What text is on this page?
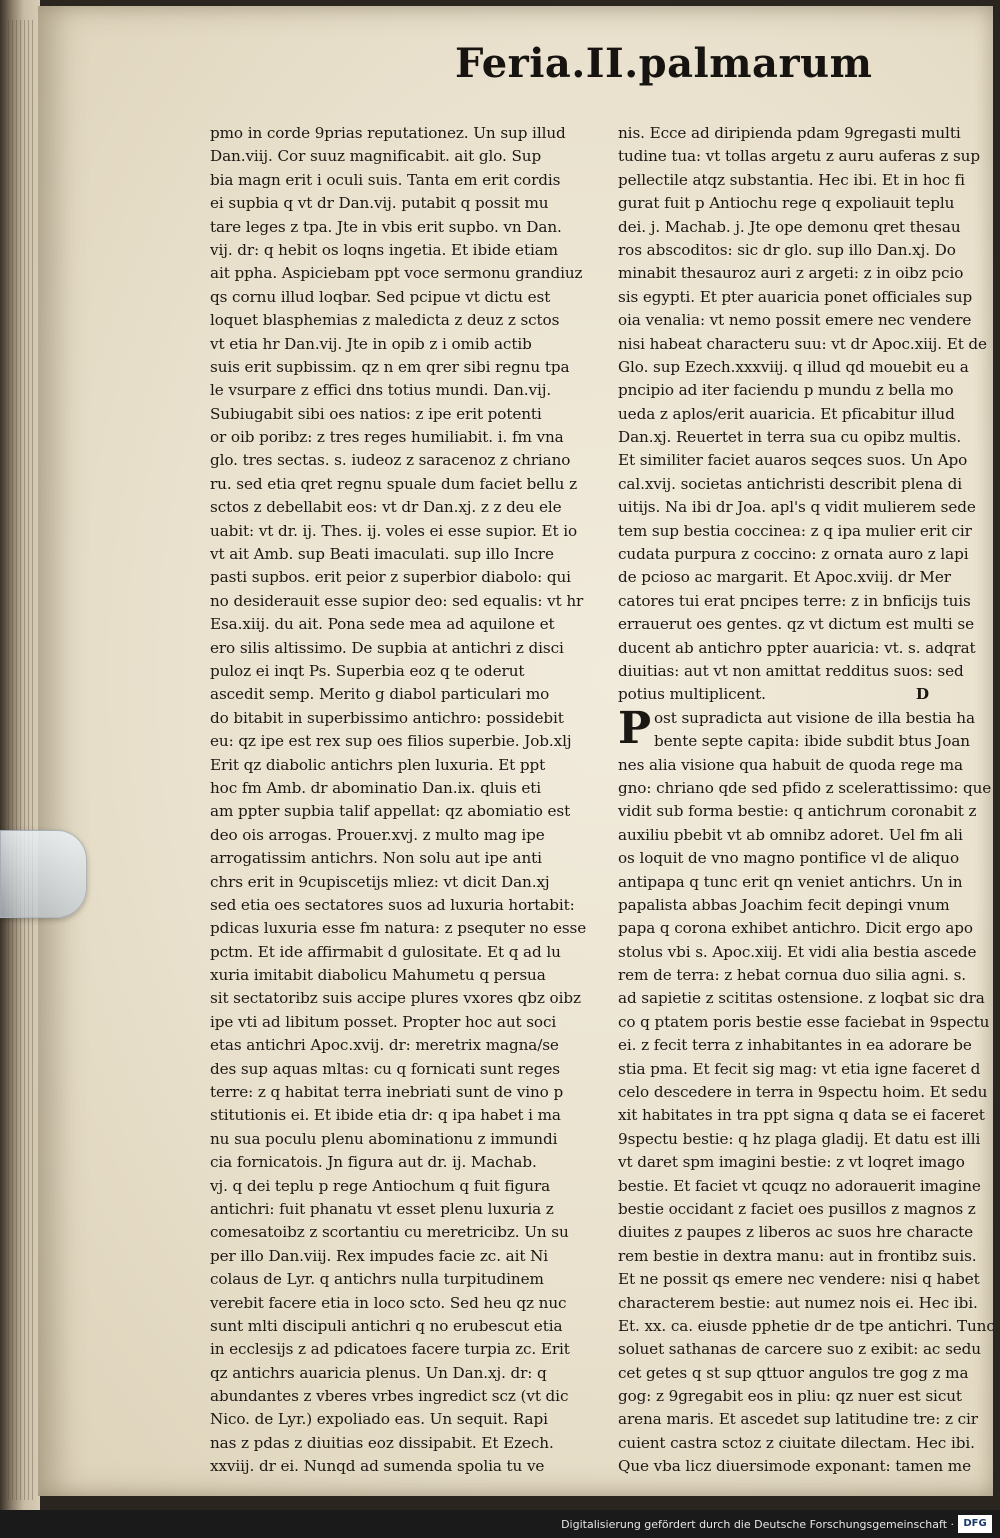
Feria.II.palmarum
pmo in corde 9prias reputationez. Un sup illud
Dan.viij. Cor suuz magnificabit. ait glo. Sup
bia magn erit i oculi suis. Tanta em erit cordis
ei supbia q vt dr Dan.vij. putabit q possit mu
tare leges z tpa. Jte in vbis erit supbo. vn Dan.
vij. dr: q hebit os loqns ingetia. Et ibide etiam
ait ppha. Aspiciebam ppt voce sermonu grandiuz
qs cornu illud loqbar. Sed pcipue vt dictu est
loquet blasphemias z maledicta z deuz z sctos
vt etia hr Dan.vij. Jte in opib z i omib actib
suis erit supbissim. qz n em qrer sibi regnu tpa
le vsurpare z effici dns totius mundi. Dan.vij.
Subiugabit sibi oes natios: z ipe erit potenti
or oib poribz: z tres reges humiliabit. i. fm vna
glo. tres sectas. s. iudeoz z saracenoz z chriano
ru. sed etia qret regnu spuale dum faciet bellu z
sctos z debellabit eos: vt dr Dan.xj. z z deu ele
uabit: vt dr. ij. Thes. ij. voles ei esse supior. Et io
vt ait Amb. sup Beati imaculati. sup illo Incre
pasti supbos. erit peior z superbior diabolo: qui
no desiderauit esse supior deo: sed equalis: vt hr
Esa.xiij. du ait. Pona sede mea ad aquilone et
ero silis altissimo. De supbia at antichri z disci
puloz ei inqt Ps. Superbia eoz q te oderut
ascedit semp. Merito g diabol particulari mo
do bitabit in superbissimo antichro: possidebit
eu: qz ipe est rex sup oes filios superbie. Job.xlj
Erit qz diabolic antichrs plen luxuria. Et ppt
hoc fm Amb. dr abominatio Dan.ix. qluis eti
am ppter supbia talif appellat: qz abomiatio est
deo ois arrogas. Prouer.xvj. z multo mag ipe
arrogatissim antichrs. Non solu aut ipe anti
chrs erit in 9cupiscetijs mliez: vt dicit Dan.xj
sed etia oes sectatores suos ad luxuria hortabit:
pdicas luxuria esse fm natura: z psequter no esse
pctm. Et ide affirmabit d gulositate. Et q ad lu
xuria imitabit diabolicu Mahumetu q persua
sit sectatoribz suis accipe plures vxores qbz oibz
ipe vti ad libitum posset. Propter hoc aut soci
etas antichri Apoc.xvij. dr: meretrix magna/se
des sup aquas mltas: cu q fornicati sunt reges
terre: z q habitat terra inebriati sunt de vino p
stitutionis ei. Et ibide etia dr: q ipa habet i ma
nu sua poculu plenu abominationu z immundi
cia fornicatois. Jn figura aut dr. ij. Machab.
vj. q dei teplu p rege Antiochum q fuit figura
antichri: fuit phanatu vt esset plenu luxuria z
comesatoibz z scortantiu cu meretricibz. Un su
per illo Dan.viij. Rex impudes facie zc. ait Ni
colaus de Lyr. q antichrs nulla turpitudinem
verebit facere etia in loco scto. Sed heu qz nuc
sunt mlti discipuli antichri q no erubescut etia
in ecclesijs z ad pdicatoes facere turpia zc. Erit
qz antichrs auaricia plenus. Un Dan.xj. dr: q
abundantes z vberes vrbes ingredict scz (vt dic
Nico. de Lyr.) expoliado eas. Un sequit. Rapi
nas z pdas z diuitias eoz dissipabit. Et Ezech.
xxviij. dr ei. Nunqd ad sumenda spolia tu ve
nis. Ecce ad diripienda pdam 9gregasti multi
tudine tua: vt tollas argetu z auru auferas z sup
pellectile atqz substantia. Hec ibi. Et in hoc fi
gurat fuit p Antiochu rege q expoliauit teplu
dei. j. Machab. j. Jte ope demonu qret thesau
ros abscoditos: sic dr glo. sup illo Dan.xj. Do
minabit thesauroz auri z argeti: z in oibz pcio
sis egypti. Et pter auaricia ponet officiales sup
oia venalia: vt nemo possit emere nec vendere
nisi habeat characteru suu: vt dr Apoc.xiij. Et de
Glo. sup Ezech.xxxviij. q illud qd mouebit eu a
pncipio ad iter faciendu p mundu z bella mo
ueda z aplos/erit auaricia. Et pficabitur illud
Dan.xj. Reuertet in terra sua cu opibz multis.
Et similiter faciet auaros seqces suos. Un Apo
cal.xvij. societas antichristi describit plena di
uitijs. Na ibi dr Joa. apl's q vidit mulierem sede
tem sup bestia coccinea: z q ipa mulier erit cir
cudata purpura z coccino: z ornata auro z lapi
de pcioso ac margarit. Et Apoc.xviij. dr Mer
catores tui erat pncipes terre: z in bnficijs tuis
errauerut oes gentes. qz vt dictum est multi se
ducent ab antichro ppter auaricia: vt. s. adqrat
diuitias: aut vt non amittat redditus suos: sed
potius multiplicent.	D
ost supradicta aut visione de illa bestia ha
bente septe capita: ibide subdit btus Joan
nes alia visione qua habuit de quoda rege ma
gno: chriano qde sed pfido z scelerattissimo: que
vidit sub forma bestie: q antichrum coronabit z
auxiliu pbebit vt ab omnibz adoret. Uel fm ali
os loquit de vno magno pontifice vl de aliquo
antipapa q tunc erit qn veniet antichrs. Un in
papalista abbas Joachim fecit depingi vnum
papa q corona exhibet antichro. Dicit ergo apo
stolus vbi s. Apoc.xiij. Et vidi alia bestia ascede
rem de terra: z hebat cornua duo silia agni. s.
ad sapietie z scititas ostensione. z loqbat sic dra
co q ptatem poris bestie esse faciebat in 9spectu
ei. z fecit terra z inhabitantes in ea adorare be
stia pma. Et fecit sig mag: vt etia igne faceret d
celo descedere in terra in 9spectu hoim. Et sedu
xit habitates in tra ppt signa q data se ei faceret
9spectu bestie: q hz plaga gladij. Et datu est illi
vt daret spm imagini bestie: z vt loqret imago
bestie. Et faciet vt qcuqz no adorauerit imagine
bestie occidant z faciet oes pusillos z magnos z
diuites z paupes z liberos ac suos hre characte
rem bestie in dextra manu: aut in frontibz suis.
Et ne possit qs emere nec vendere: nisi q habet
characterem bestie: aut numez nois ei. Hec ibi.
Et. xx. ca. eiusde pphetie dr de tpe antichri. Tunc
soluet sathanas de carcere suo z exibit: ac sedu
cet getes q st sup qttuor angulos tre gog z ma
gog: z 9gregabit eos in pliu: qz nuer est sicut
arena maris. Et ascedet sup latitudine tre: z cir
cuient castra sctoz z ciuitate dilectam. Hec ibi.
Que vba licz diuersimode exponant: tamen me
Digitalisierung gefördert durch die Deutsche Forschungsgemeinschaft · DFG
P
